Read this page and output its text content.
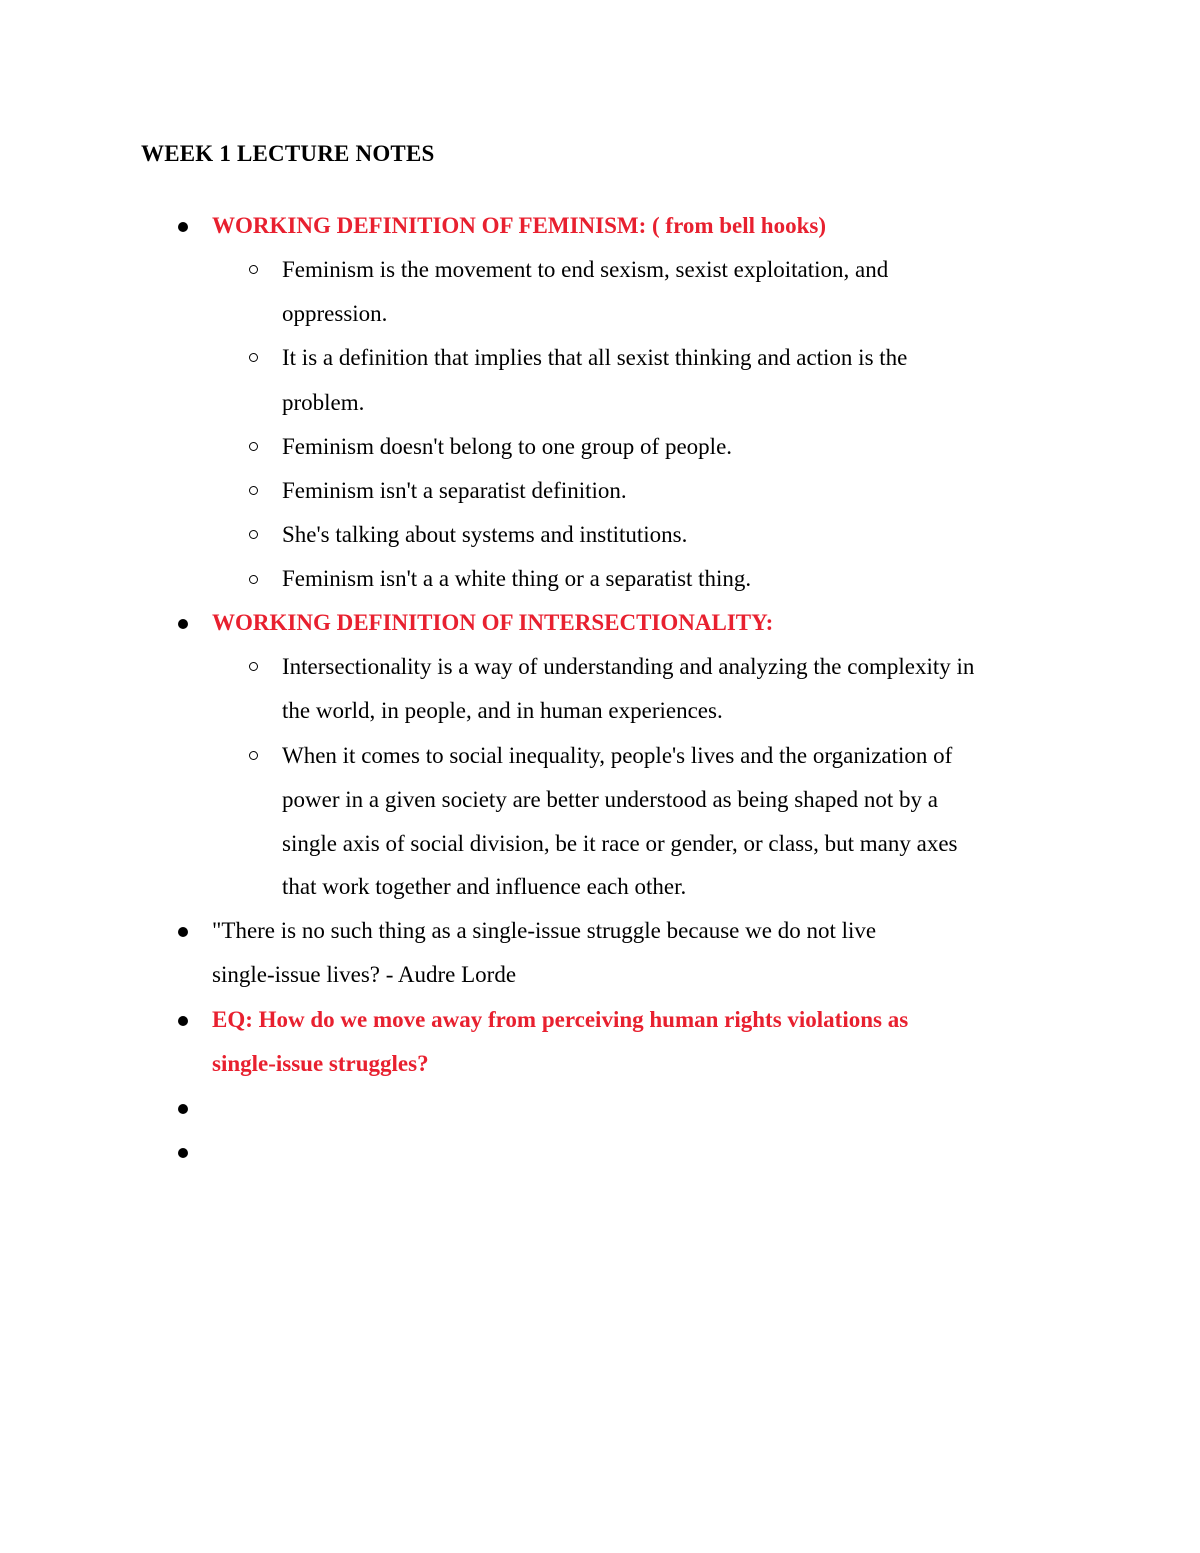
WEEK 1 LECTURE NOTES
WORKING DEFINITION OF FEMINISM: ( from bell hooks)
Feminism is the movement to end sexism, sexist exploitation, and
oppression.
It is a definition that implies that all sexist thinking and action is the
problem.
Feminism doesn't belong to one group of people.
Feminism isn't a separatist definition.
She's talking about systems and institutions.
Feminism isn't a a white thing or a separatist thing.
WORKING DEFINITION OF INTERSECTIONALITY:
Intersectionality is a way of understanding and analyzing the complexity in
the world, in people, and in human experiences.
When it comes to social inequality, people's lives and the organization of
power in a given society are better understood as being shaped not by a
single axis of social division, be it race or gender, or class, but many axes
that work together and influence each other.
"There is no such thing as a single-issue struggle because we do not live
single-issue lives? - Audre Lorde
EQ: How do we move away from perceiving human rights violations as
single-issue struggles?
